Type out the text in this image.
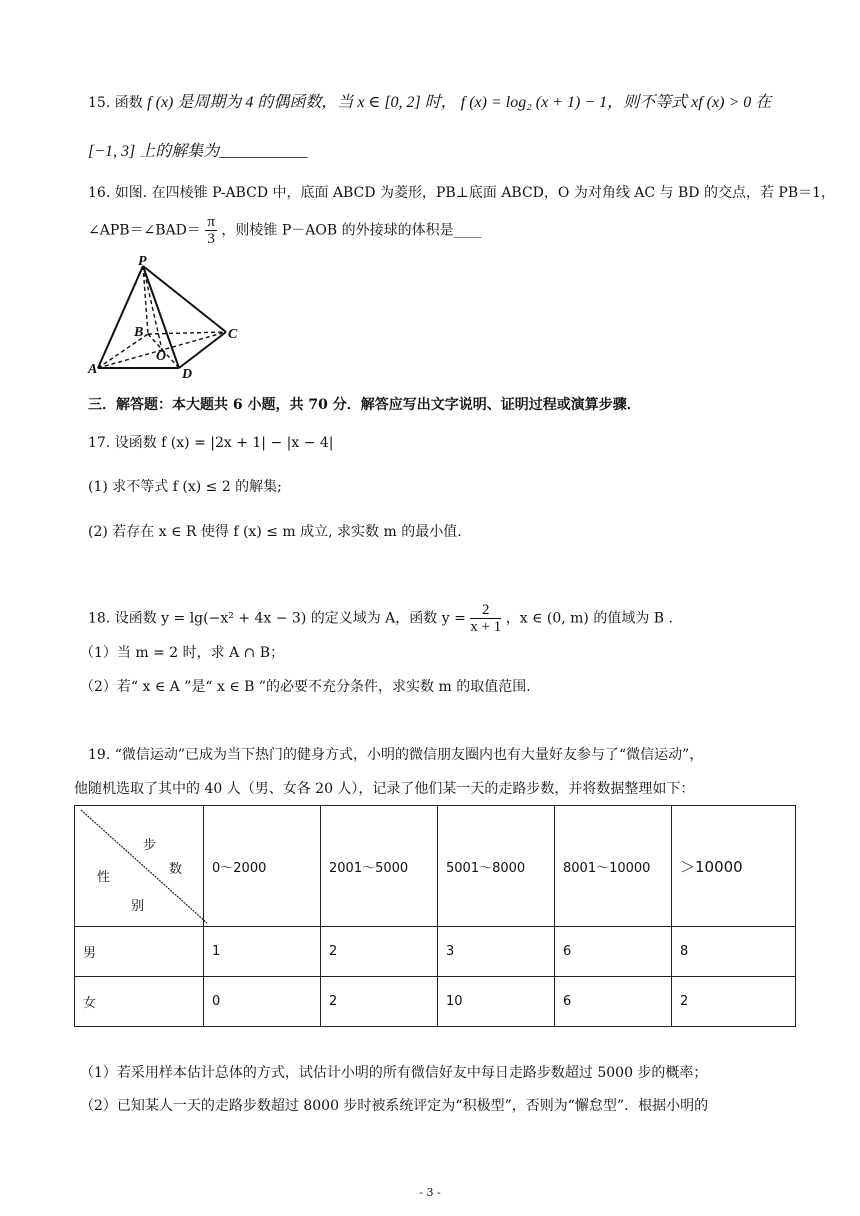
15. 函数 f (x) 是周期为 4 的偶函数，当 x ∈ [0, 2] 时， f (x) = log₂ (x + 1) − 1，则不等式 xf (x) > 0 在
[−1, 3] 上的解集为___________
16. 如图. 在四棱锥 P-ABCD 中，底面 ABCD 为菱形，PB⊥底面 ABCD，O 为对角线 AC 与 BD 的交点，若 PB＝1，
∠APB＝∠BAD＝ $\frac{\pi}{3}$ ，则棱锥 P－AOB 的外接球的体积是____
P
B	C
O
A	D
三．解答题：本大题共 6 小题，共 70 分．解答应写出文字说明、证明过程或演算步骤．
17. 设函数 f (x) = |2x + 1| − |x − 4|
(1) 求不等式 f (x) ≤ 2 的解集;
(2) 若存在 x ∈ R 使得 f (x) ≤ m 成立, 求实数 m 的最小值.
18. 设函数 y = lg(−x² + 4x − 3) 的定义域为 A，函数 $y = \frac{2}{x + 1}$ ，x ∈ (0, m) 的值域为 B .
（1）当 m = 2 时，求 A ∩ B；
（2）若“ x ∈ A ”是“ x ∈ B ”的必要不充分条件，求实数 m 的取值范围.
19. “微信运动”已成为当下热门的健身方式，小明的微信朋友圈内也有大量好友参与了“微信运动”，
他随机选取了其中的 40 人（男、女各 20 人），记录了他们某一天的走路步数，并将数据整理如下：
步
数
性
别	0～2000	2001～5000	5001～8000	8001～10000	＞10000
男	1	2	3	6	8
女	0	2	10	6	2
（1）若采用样本估计总体的方式，试估计小明的所有微信好友中每日走路步数超过 5000 步的概率；
（2）已知某人一天的走路步数超过 8000 步时被系统评定为“积极型”，否则为“懈怠型”．根据小明的
- 3 -
